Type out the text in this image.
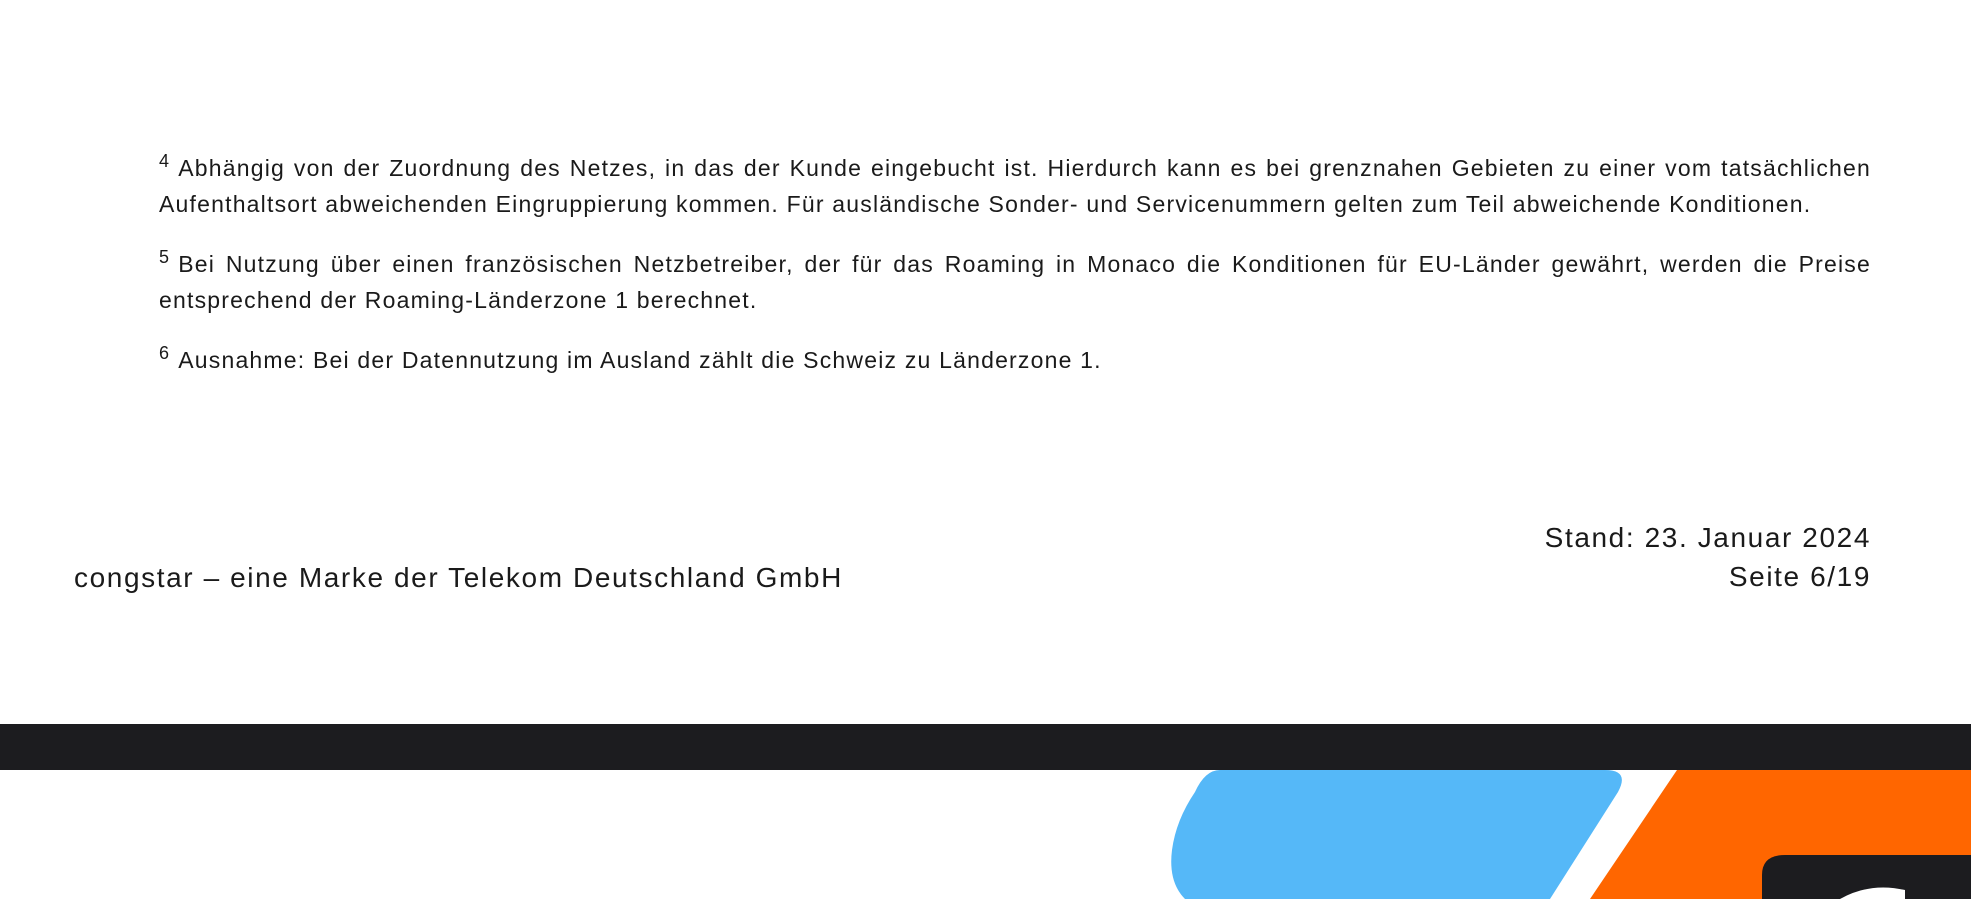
$^4$ Abhängig von der Zuordnung des Netzes, in das der Kunde eingebucht ist. Hierdurch kann es bei grenznahen Gebieten zu einer vom tatsächlichen Aufenthaltsort abweichenden Eingruppierung kommen. Für ausländische Sonder- und Servicenummern gelten zum Teil abweichende Konditionen.

$^5$ Bei Nutzung über einen französischen Netzbetreiber, der für das Roaming in Monaco die Konditionen für EU-Länder gewährt, werden die Preise entsprechend der Roaming-Länderzone 1 berechnet.

$^6$ Ausnahme: Bei der Datennutzung im Ausland zählt die Schweiz zu Länderzone 1.

congstar – eine Marke der Telekom Deutschland GmbH
Stand: 23. Januar 2024
Seite 6/19
